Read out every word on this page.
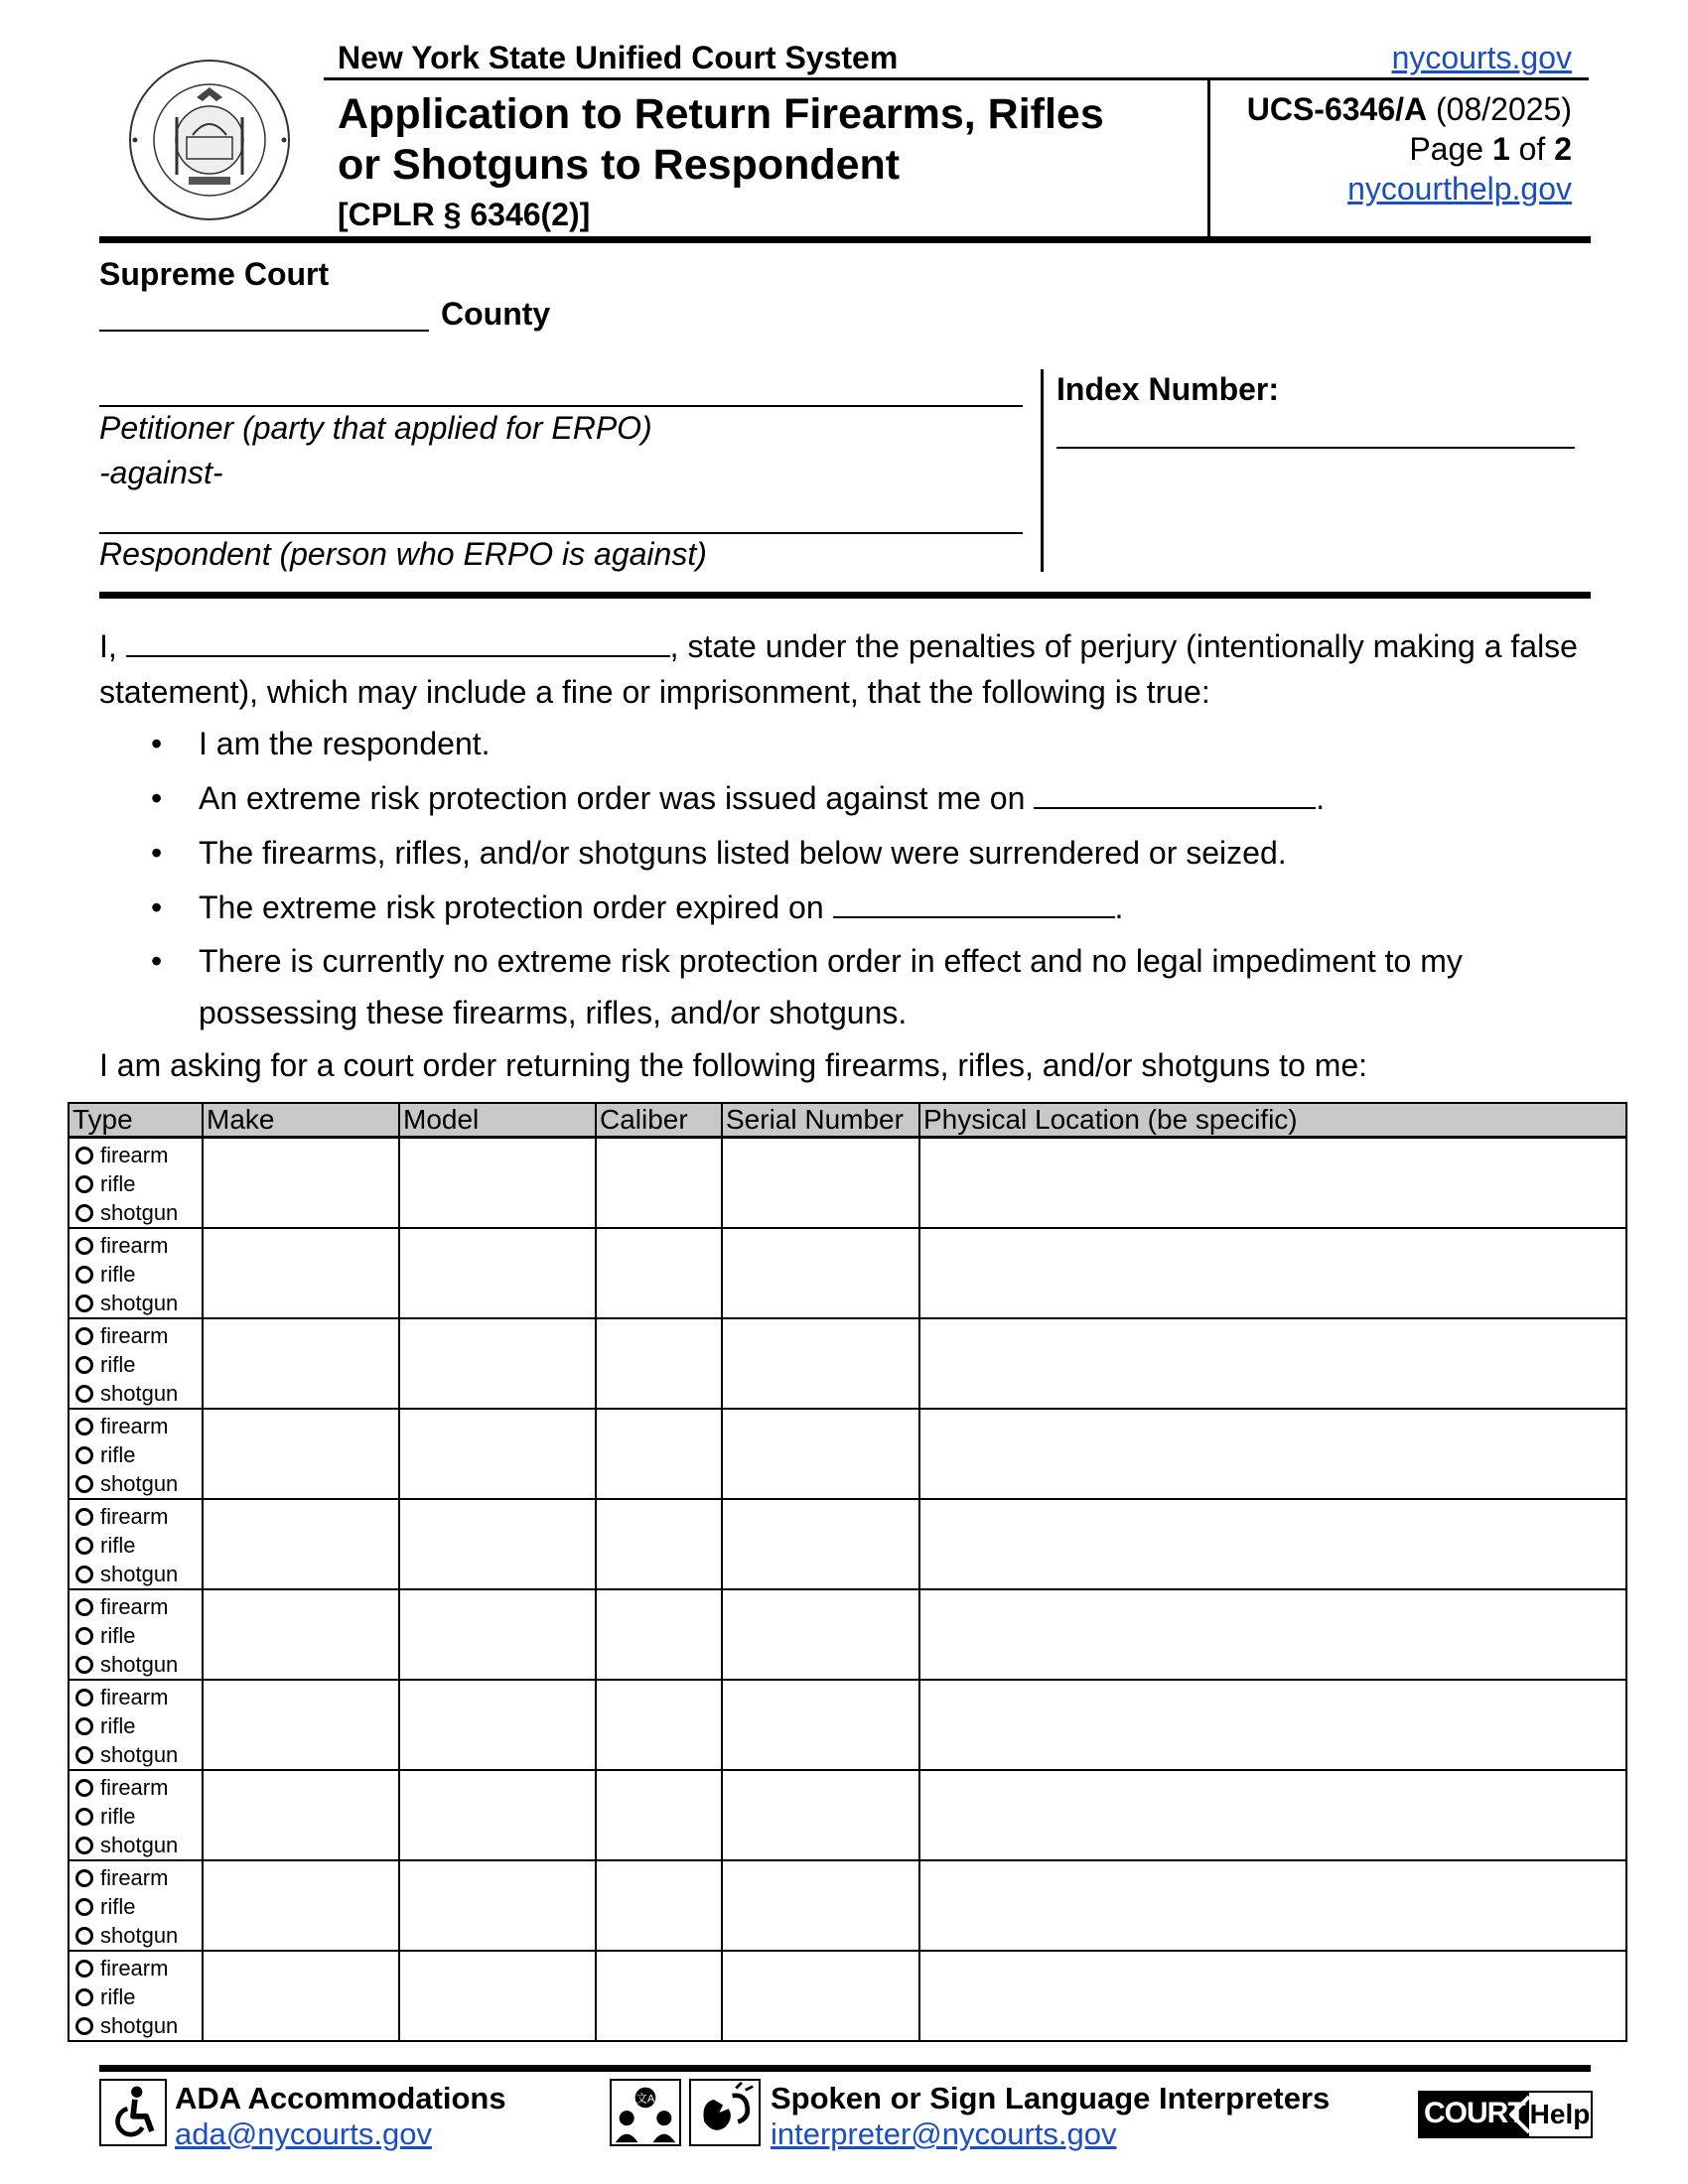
New York State Unified Court System	nycourts.gov
Application to Return Firearms, Rifles
or Shotguns to Respondent
[CPLR § 6346(2)]
UCS-6346/A (08/2025)
Page 1 of 2
nycourthelp.gov
Supreme Court
County
Petitioner (party that applied for ERPO)
-against-
Respondent (person who ERPO is against)
Index Number:
I,	, state under the penalties of perjury (intentionally making a false statement), which may include a fine or imprisonment, that the following is true:
• I am the respondent.
• An extreme risk protection order was issued against me on	.
• The firearms, rifles, and/or shotguns listed below were surrendered or seized.
• The extreme risk protection order expired on	.
• There is currently no extreme risk protection order in effect and no legal impediment to my possessing these firearms, rifles, and/or shotguns.
I am asking for a court order returning the following firearms, rifles, and/or shotguns to me:
Type	Make	Model	Caliber	Serial Number	Physical Location (be specific)

firearm
rifle
shotgun					

firearm
rifle
shotgun					

firearm
rifle
shotgun					

firearm
rifle
shotgun					

firearm
rifle
shotgun					

firearm
rifle
shotgun					

firearm
rifle
shotgun					

firearm
rifle
shotgun					

firearm
rifle
shotgun					

firearm
rifle
shotgun					

ADA Accommodations
ada@nycourts.gov
文A	Spoken or Sign Language Interpreters
interpreter@nycourts.gov
COURT Help
